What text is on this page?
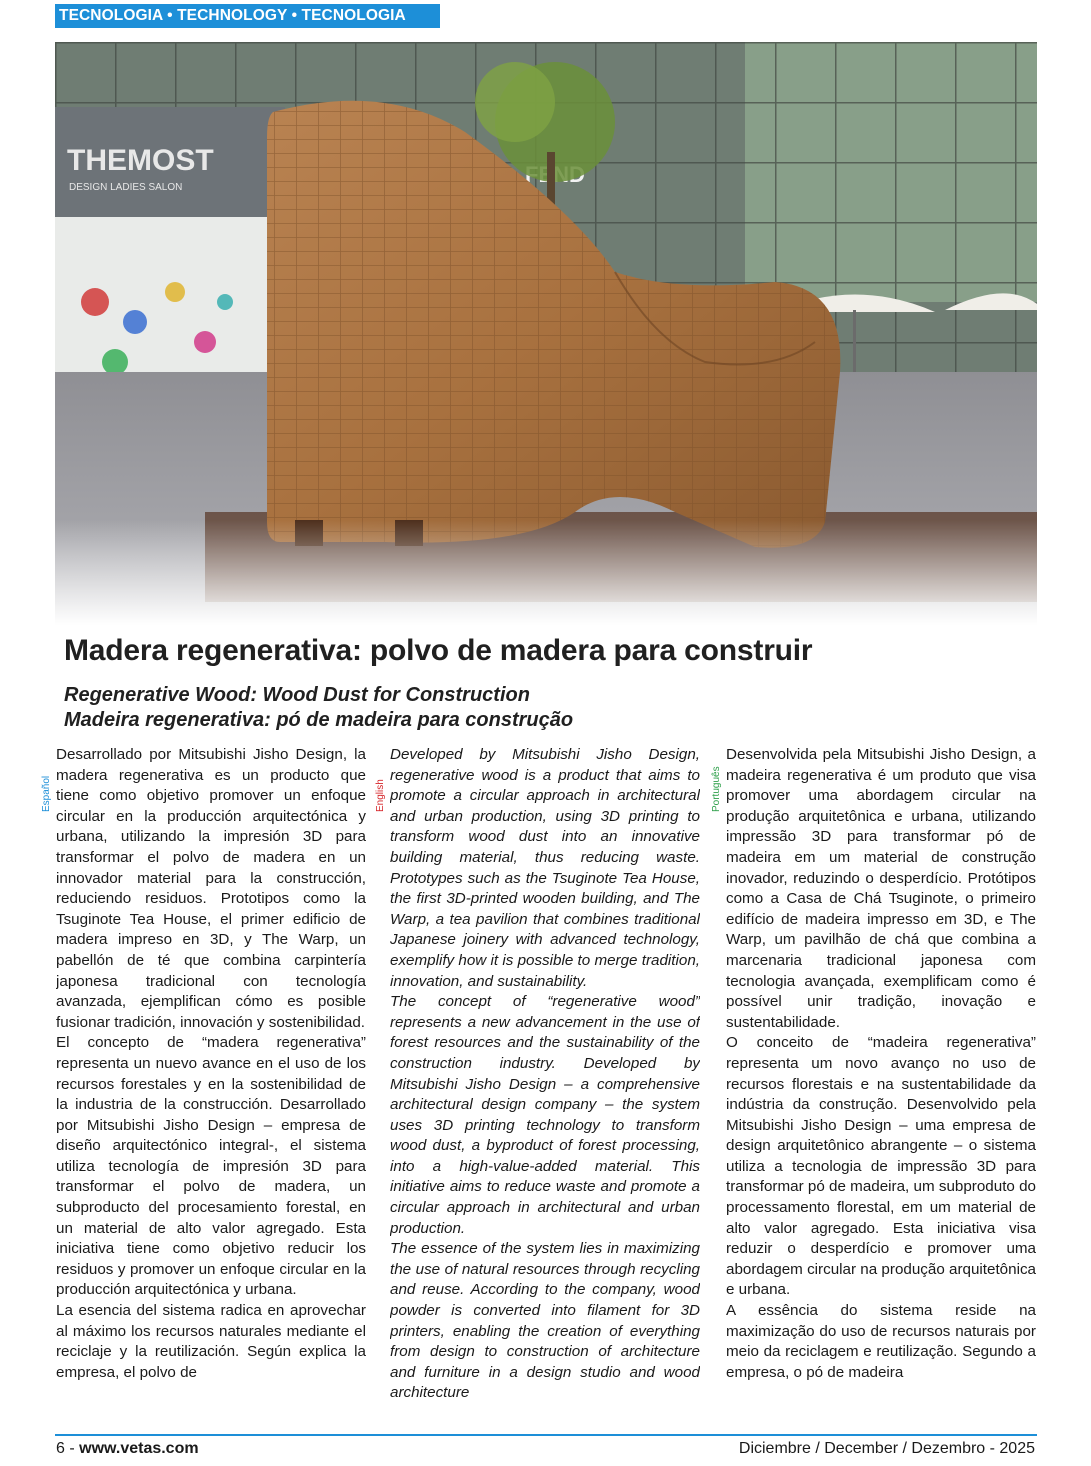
TECNOLOGIA • TECHNOLOGY • TECNOLOGIA
Madera regenerativa: polvo de madera para construir
Regenerative Wood: Wood Dust for Construction
Madeira regenerativa: pó de madeira para construção
Español	English	Português

Desarrollado por Mitsubishi Jisho Design, la madera regenerativa es un producto que tiene como objetivo promover un enfoque circular en la producción arquitectónica y urbana, utilizando la impresión 3D para transformar el polvo de madera en un innovador material para la construcción, reduciendo residuos. Prototipos como la Tsuginote Tea House, el primer edificio de madera impreso en 3D, y The Warp, un pabellón de té que combina carpintería japonesa tradicional con tecnología avanzada, ejemplifican cómo es posible fusionar tradición, innovación y sostenibilidad.

El concepto de “madera regenerativa” representa un nuevo avance en el uso de los recursos forestales y en la sostenibilidad de la industria de la construcción. Desarrollado por Mitsubishi Jisho Design – empresa de diseño arquitectónico integral-, el sistema utiliza tecnología de impresión 3D para transformar el polvo de madera, un subproducto del procesamiento forestal, en un material de alto valor agregado. Esta iniciativa tiene como objetivo reducir los residuos y promover un enfoque circular en la producción arquitectónica y urbana.

La esencia del sistema radica en aprovechar al máximo los recursos naturales mediante el reciclaje y la reutilización. Según explica la empresa, el polvo de

Developed by Mitsubishi Jisho Design, regenerative wood is a product that aims to promote a circular approach in architectural and urban production, using 3D printing to transform wood dust into an innovative building material, thus reducing waste. Prototypes such as the Tsuginote Tea House, the first 3D-printed wooden building, and The Warp, a tea pavilion that combines traditional Japanese joinery with advanced technology, exemplify how it is possible to merge tradition, innovation, and sustainability.

The concept of “regenerative wood” represents a new advancement in the use of forest resources and the sustainability of the construction industry. Developed by Mitsubishi Jisho Design – a comprehensive architectural design company – the system uses 3D printing technology to transform wood dust, a byproduct of forest processing, into a high-value-added material. This initiative aims to reduce waste and promote a circular approach in architectural and urban production.

The essence of the system lies in maximizing the use of natural resources through recycling and reuse. According to the company, wood powder is converted into filament for 3D printers, enabling the creation of everything from design to construction of architecture and furniture in a design studio and wood architecture

Desenvolvida pela Mitsubishi Jisho Design, a madeira regenerativa é um produto que visa promover uma abordagem circular na produção arquitetônica e urbana, utilizando impressão 3D para transformar pó de madeira em um material de construção inovador, reduzindo o desperdício. Protótipos como a Casa de Chá Tsuginote, o primeiro edifício de madeira impresso em 3D, e The Warp, um pavilhão de chá que combina a marcenaria tradicional japonesa com tecnologia avançada, exemplificam como é possível unir tradição, inovação e sustentabilidade.

O conceito de “madeira regenerativa” representa um novo avanço no uso de recursos florestais e na sustentabilidade da indústria da construção. Desenvolvido pela Mitsubishi Jisho Design – uma empresa de design arquitetônico abrangente – o sistema utiliza a tecnologia de impressão 3D para transformar pó de madeira, um subproduto do processamento florestal, em um material de alto valor agregado. Esta iniciativa visa reduzir o desperdício e promover uma abordagem circular na produção arquitetônica e urbana.

A essência do sistema reside na maximização do uso de recursos naturais por meio da reciclagem e reutilização. Segundo a empresa, o pó de madeira

6 - www.vetas.com	Diciembre / December / Dezembro - 2025
